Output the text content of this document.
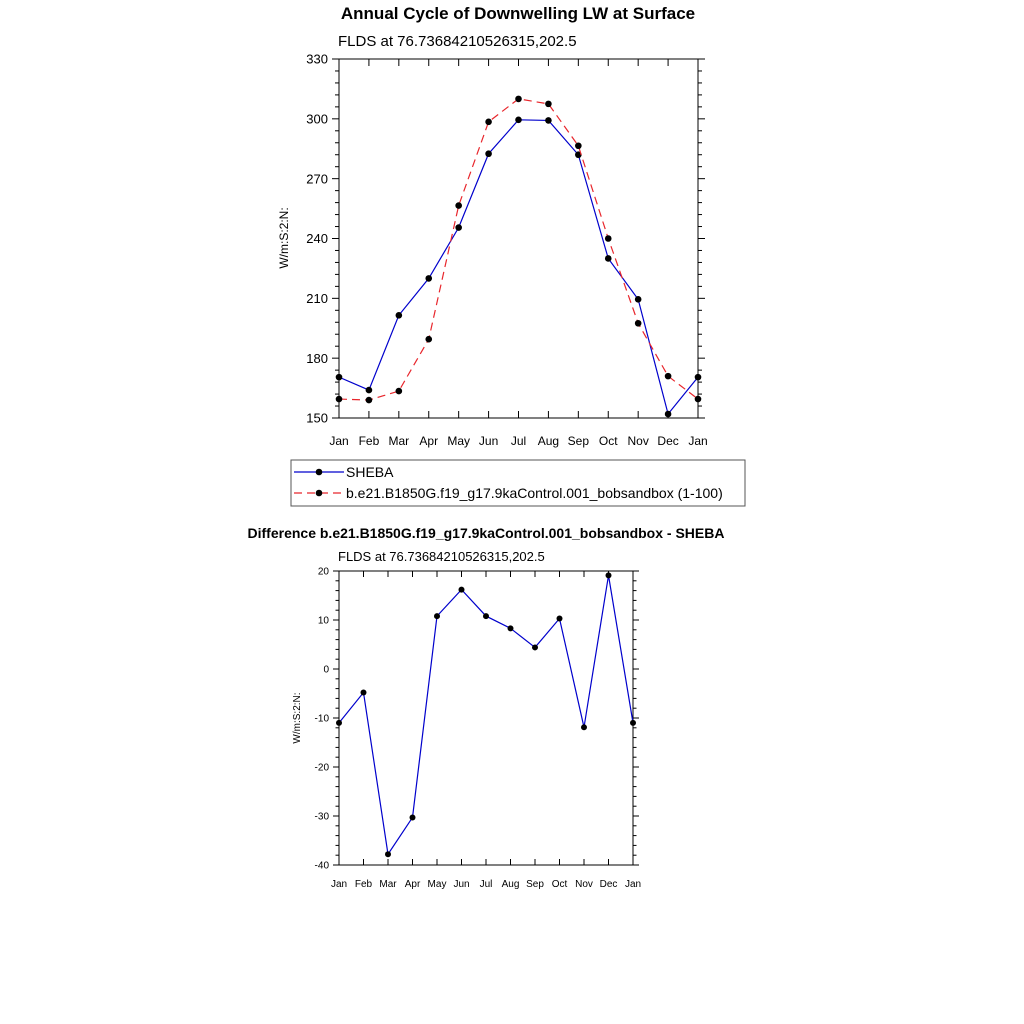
Annual Cycle of Downwelling LW at Surface
FLDS at 76.73684210526315,202.5
W/m:S:2:N:
Jan Feb Mar Apr May Jun Jul Aug Sep Oct Nov Dec Jan
150
180
210
240
270
300
330
SHEBA
b.e21.B1850G.f19_g17.9kaControl.001_bobsandbox (1-100)
Difference b.e21.B1850G.f19_g17.9kaControl.001_bobsandbox - SHEBA
FLDS at 76.73684210526315,202.5
W/m:S:2:N:
Jan Feb Mar Apr May Jun Jul Aug Sep Oct Nov Dec Jan
-40
-30
-20
-10
0
10
20
